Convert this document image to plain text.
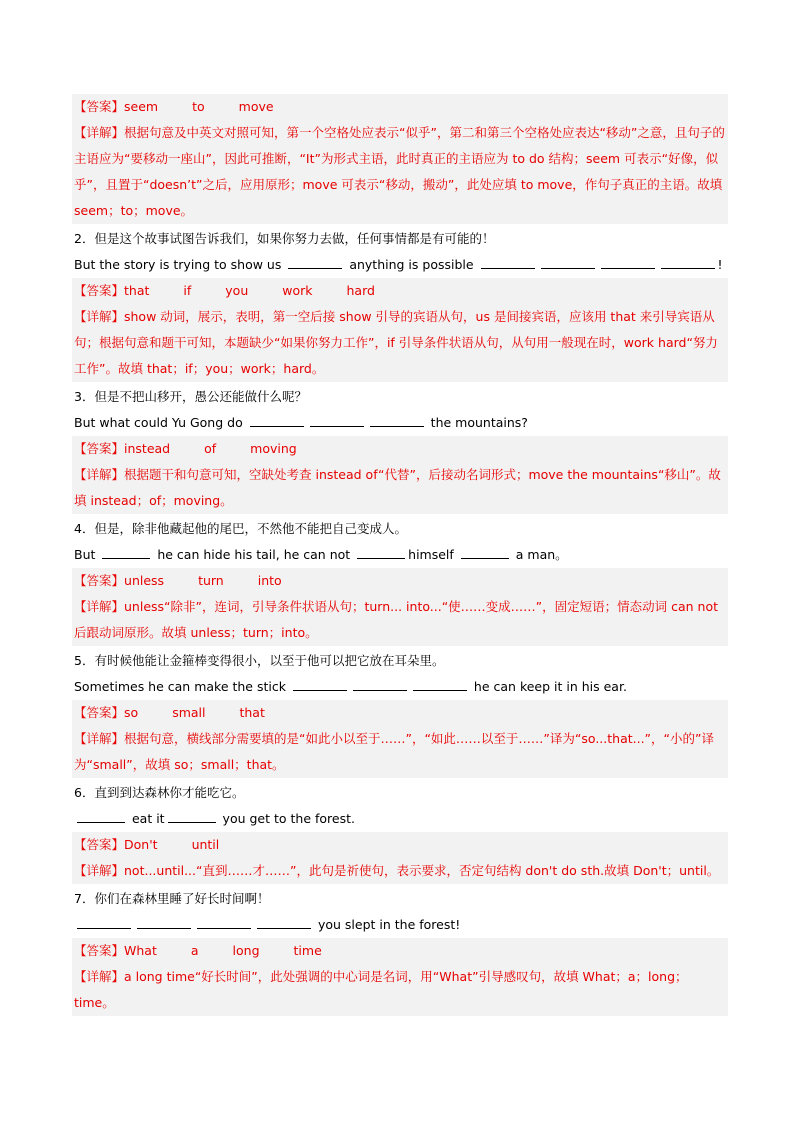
【答案】seem	to	move
【详解】根据句意及中英文对照可知，第一个空格处应表示“似乎”，第二和第三个空格处应表达“移动”之意，且句子的主语应为“要移动一座山”，因此可推断，“It”为形式主语，此时真正的主语应为 to do 结构；seem 可表示“好像，似乎”，且置于“doesn’t”之后，应用原形；move 可表示“移动，搬动”，此处应填 to move，作句子真正的主语。故填 seem；to；move。
2．但是这个故事试图告诉我们，如果你努力去做，任何事情都是有可能的！
But the story is trying to show us	anything is possible	!
【答案】that	if	you	work	hard
【详解】show 动词，展示，表明，第一空后接 show 引导的宾语从句，us 是间接宾语，应该用 that 来引导宾语从句；根据句意和题干可知，本题缺少“如果你努力工作”，if 引导条件状语从句，从句用一般现在时，work hard“努力工作”。故填 that；if；you；work；hard。
3．但是不把山移开，愚公还能做什么呢？
But what could Yu Gong do	the mountains?
【答案】instead	of	moving
【详解】根据题干和句意可知，空缺处考查 instead of“代替”，后接动名词形式；move the mountains“移山”。故填 instead；of；moving。
4．但是，除非他藏起他的尾巴，不然他不能把自己变成人。
But	he can hide his tail, he can not	himself	a man。
【答案】unless	turn	into
【详解】unless“除非”，连词，引导条件状语从句；turn... into...“使……变成……”，固定短语；情态动词 can not 后跟动词原形。故填 unless；turn；into。
5．有时候他能让金箍棒变得很小，以至于他可以把它放在耳朵里。
Sometimes he can make the stick	he can keep it in his ear.
【答案】so	small	that
【详解】根据句意，横线部分需要填的是“如此小以至于……”，“如此……以至于……”译为“so...that...”，“小的”译为“small”，故填 so；small；that。
6．直到到达森林你才能吃它。
eat it	you get to the forest.
【答案】Don't	until
【详解】not...until...“直到……才……”，此句是祈使句，表示要求，否定句结构 don't do sth.故填 Don't；until。
7．你们在森林里睡了好长时间啊！
you slept in the forest!
【答案】What	a	long	time
【详解】a long time“好长时间”，此处强调的中心词是名词，用“What”引导感叹句，故填 What；a；long；time。
